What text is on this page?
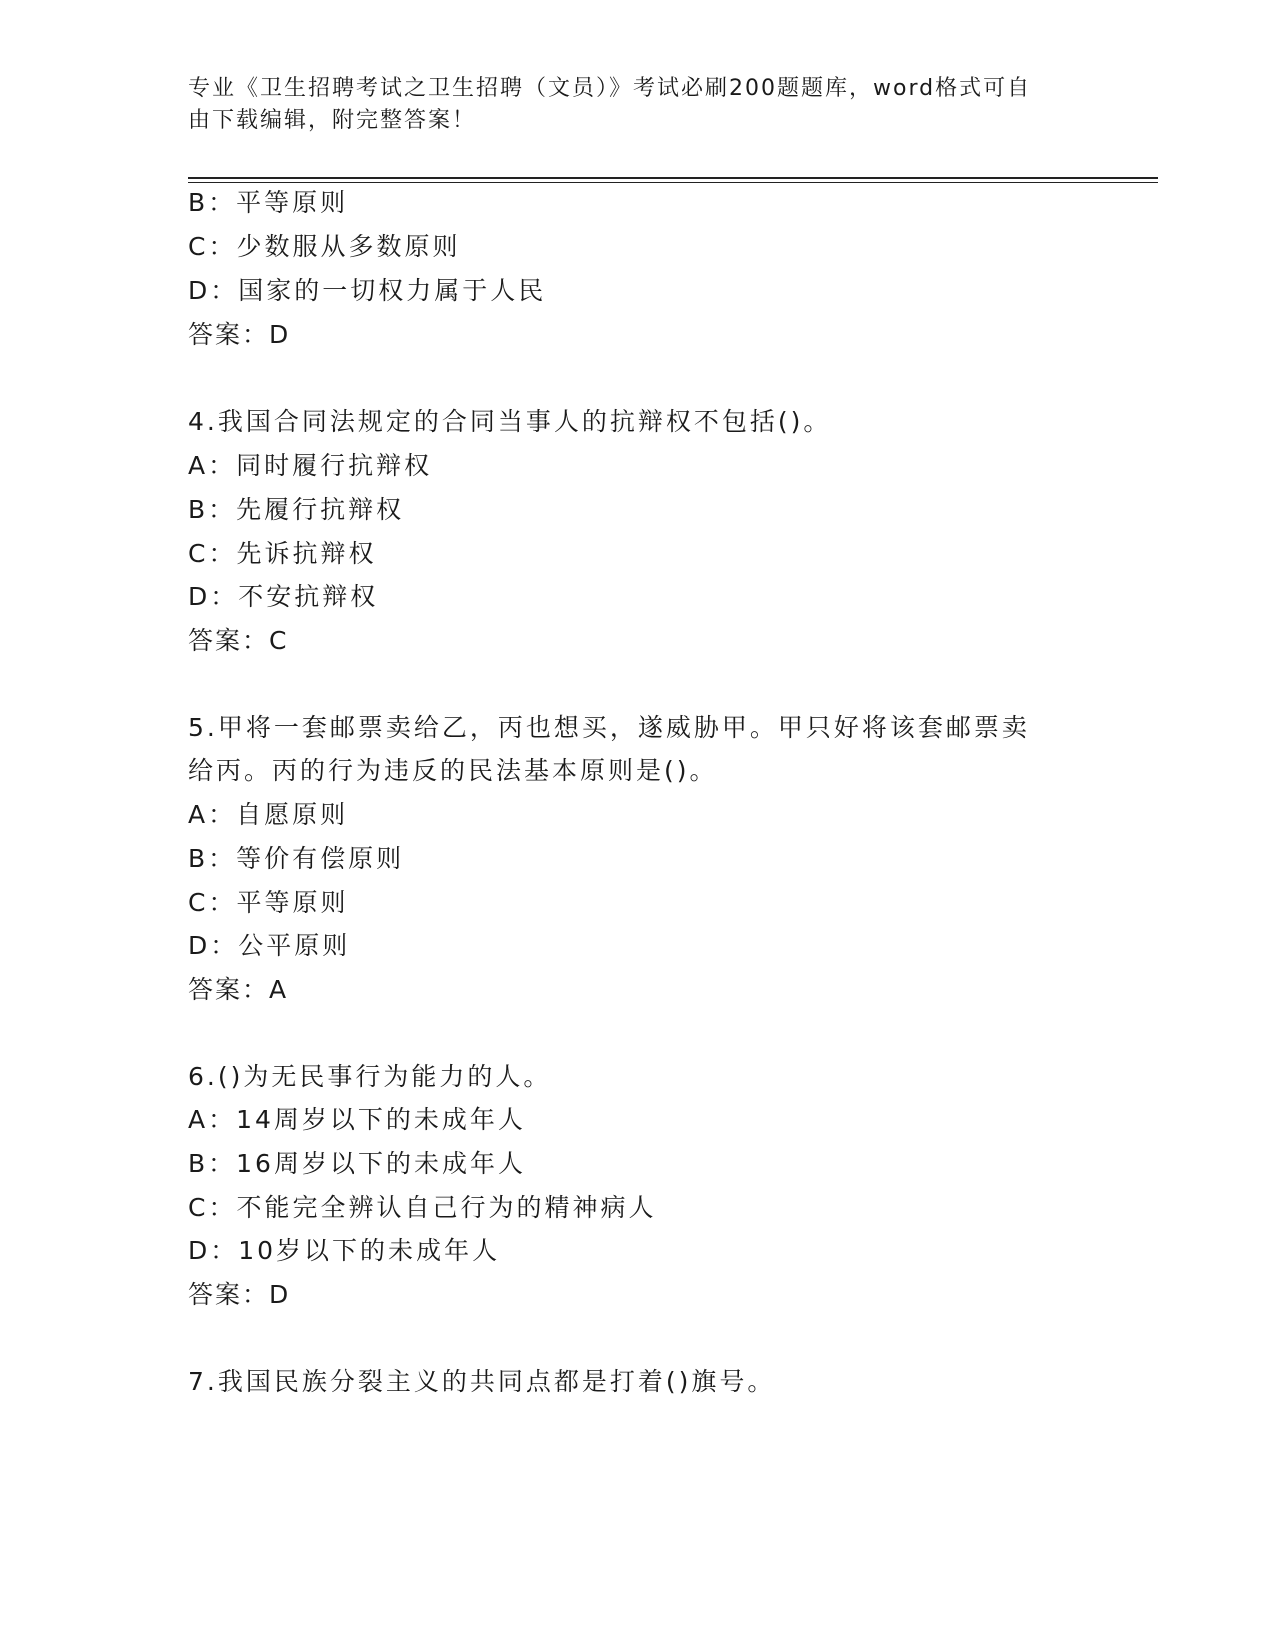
专业《卫生招聘考试之卫生招聘（文员）》考试必刷200题题库，word格式可自
由下载编辑，附完整答案！
B：平等原则
C：少数服从多数原则
D：国家的一切权力属于人民
答案：D
4.我国合同法规定的合同当事人的抗辩权不包括()。
A：同时履行抗辩权
B：先履行抗辩权
C：先诉抗辩权
D：不安抗辩权
答案：C
5.甲将一套邮票卖给乙，丙也想买，遂威胁甲。甲只好将该套邮票卖
给丙。丙的行为违反的民法基本原则是()。
A：自愿原则
B：等价有偿原则
C：平等原则
D：公平原则
答案：A
6.()为无民事行为能力的人。
A：14周岁以下的未成年人
B：16周岁以下的未成年人
C：不能完全辨认自己行为的精神病人
D：10岁以下的未成年人
答案：D
7.我国民族分裂主义的共同点都是打着()旗号。
